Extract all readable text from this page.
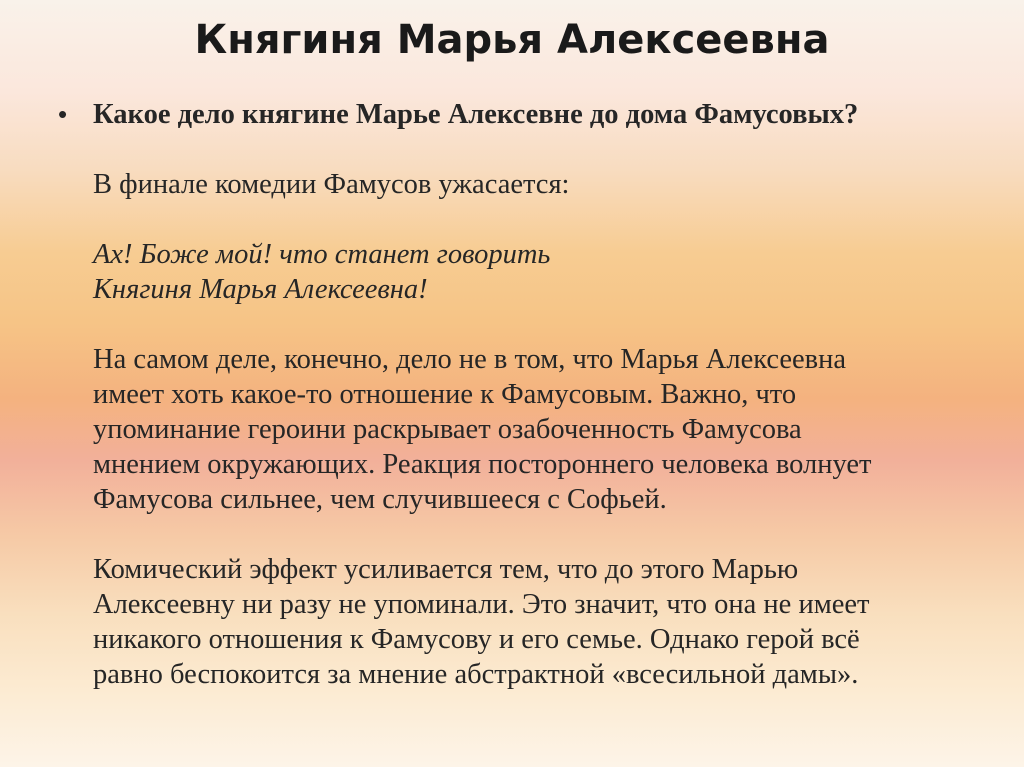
Княгиня Марья Алексеевна
• Какое дело княгине Марье Алексевне до дома Фамусовых?
В финале комедии Фамусов ужасается:
Ах! Боже мой! что станет говорить
Княгиня Марья Алексеевна!
На самом деле, конечно, дело не в том, что Марья Алексеевна
имеет хоть какое-то отношение к Фамусовым. Важно, что
упоминание героини раскрывает озабоченность Фамусова
мнением окружающих. Реакция постороннего человека волнует
Фамусова сильнее, чем случившееся с Софьей.
Комический эффект усиливается тем, что до этого Марью
Алексеевну ни разу не упоминали. Это значит, что она не имеет
никакого отношения к Фамусову и его семье. Однако герой всё
равно беспокоится за мнение абстрактной «всесильной дамы».
